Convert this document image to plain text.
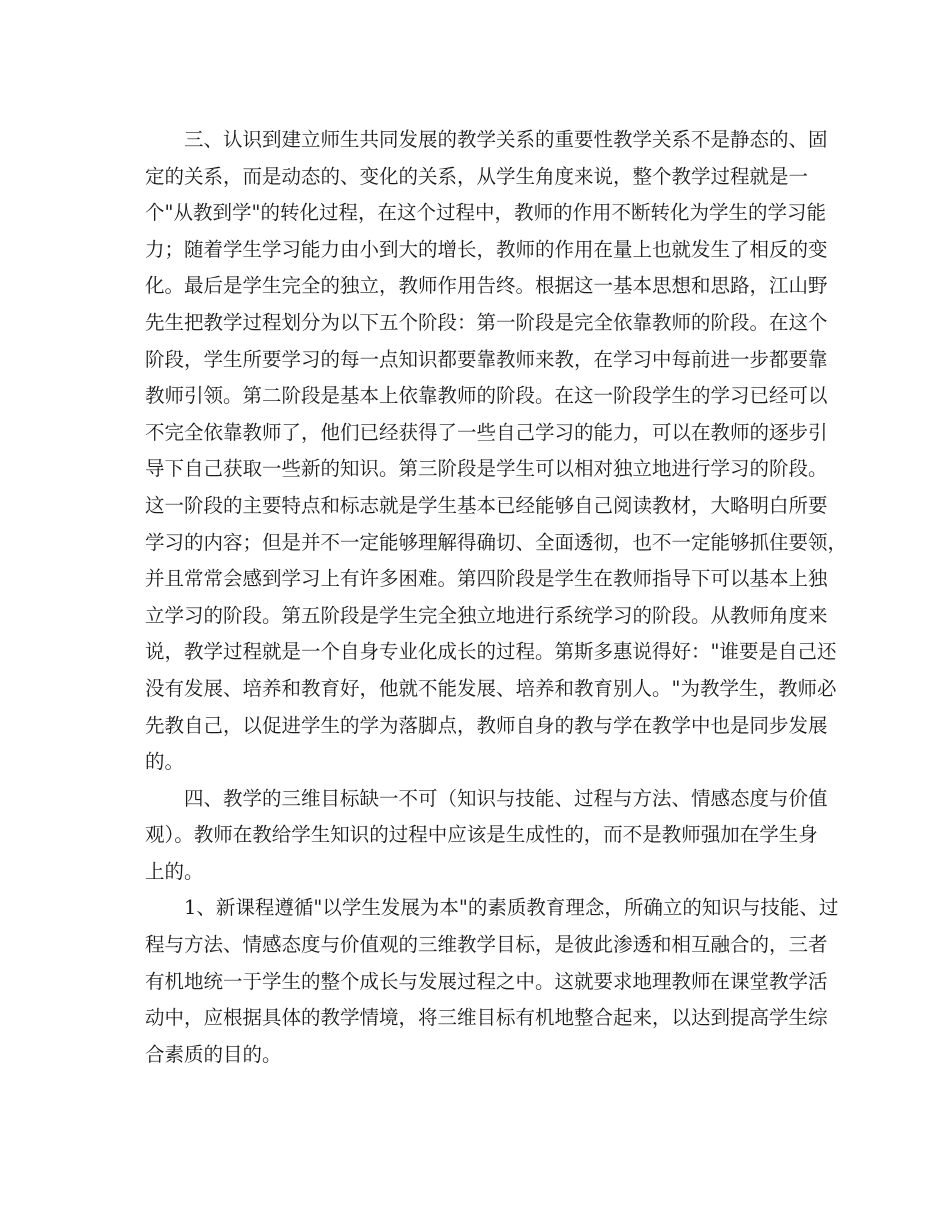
三、认识到建立师生共同发展的教学关系的重要性教学关系不是静态的、固
定的关系，而是动态的、变化的关系，从学生角度来说，整个教学过程就是一
个"从教到学"的转化过程，在这个过程中，教师的作用不断转化为学生的学习能
力；随着学生学习能力由小到大的增长，教师的作用在量上也就发生了相反的变
化。最后是学生完全的独立，教师作用告终。根据这一基本思想和思路，江山野
先生把教学过程划分为以下五个阶段：第一阶段是完全依靠教师的阶段。在这个
阶段，学生所要学习的每一点知识都要靠教师来教，在学习中每前进一步都要靠
教师引领。第二阶段是基本上依靠教师的阶段。在这一阶段学生的学习已经可以
不完全依靠教师了，他们已经获得了一些自己学习的能力，可以在教师的逐步引
导下自己获取一些新的知识。第三阶段是学生可以相对独立地进行学习的阶段。
这一阶段的主要特点和标志就是学生基本已经能够自己阅读教材，大略明白所要
学习的内容；但是并不一定能够理解得确切、全面透彻，也不一定能够抓住要领，
并且常常会感到学习上有许多困难。第四阶段是学生在教师指导下可以基本上独
立学习的阶段。第五阶段是学生完全独立地进行系统学习的阶段。从教师角度来
说，教学过程就是一个自身专业化成长的过程。第斯多惠说得好："谁要是自己还
没有发展、培养和教育好，他就不能发展、培养和教育别人。"为教学生，教师必
先教自己，以促进学生的学为落脚点，教师自身的教与学在教学中也是同步发展
的。
四、教学的三维目标缺一不可（知识与技能、过程与方法、情感态度与价值
观）。教师在教给学生知识的过程中应该是生成性的，而不是教师强加在学生身
上的。
1、新课程遵循"以学生发展为本"的素质教育理念，所确立的知识与技能、过
程与方法、情感态度与价值观的三维教学目标，是彼此渗透和相互融合的，三者
有机地统一于学生的整个成长与发展过程之中。这就要求地理教师在课堂教学活
动中，应根据具体的教学情境，将三维目标有机地整合起来，以达到提高学生综
合素质的目的。
